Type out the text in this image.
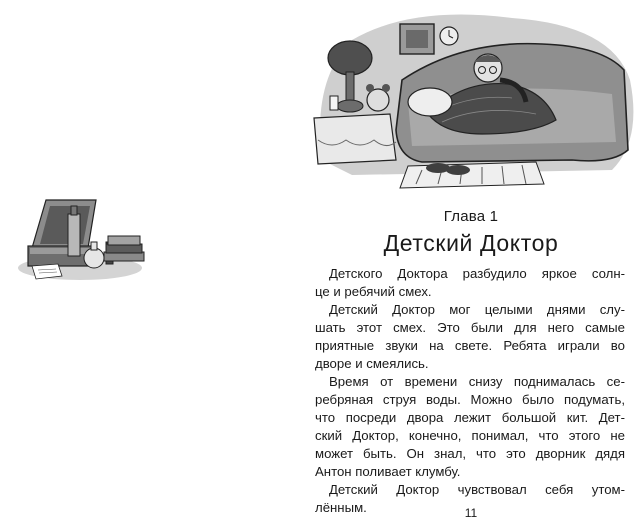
Глава 1
Детский Доктор
Детского Доктора разбудило яркое солн-
це и ребячий смех.
Детский Доктор мог целыми днями слу-
шать этот смех. Это были для него самые
приятные звуки на свете. Ребята играли во
дворе и смеялись.
Время от времени снизу поднималась се-
ребряная струя воды. Можно было подумать,
что посреди двора лежит большой кит. Дет-
ский Доктор, конечно, понимал, что этого не
может быть. Он знал, что это дворник дядя
Антон поливает клумбу.
Детский Доктор чувствовал себя утом-
лённым.	11
